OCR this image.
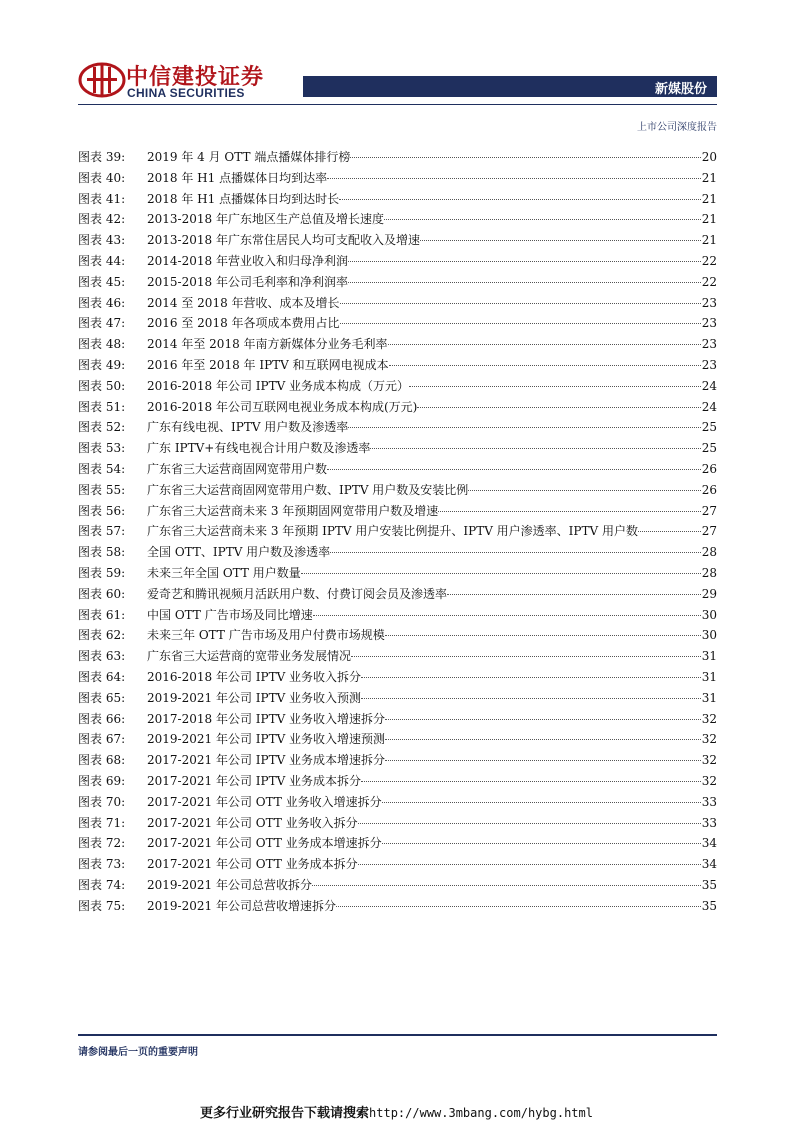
中信建投证券
CHINA SECURITIES	新媒股份
上市公司深度报告
图表 39:	2019 年 4 月 OTT 端点播媒体排行榜	20
图表 40:	2018 年 H1 点播媒体日均到达率	21
图表 41:	2018 年 H1 点播媒体日均到达时长	21
图表 42:	2013-2018 年广东地区生产总值及增长速度	21
图表 43:	2013-2018 年广东常住居民人均可支配收入及增速	21
图表 44:	2014-2018 年营业收入和归母净利润	22
图表 45:	2015-2018 年公司毛利率和净利润率	22
图表 46:	2014 至 2018 年营收、成本及增长	23
图表 47:	2016 至 2018 年各项成本费用占比	23
图表 48:	2014 年至 2018 年南方新媒体分业务毛利率	23
图表 49:	2016 年至 2018 年 IPTV 和互联网电视成本	23
图表 50:	2016-2018 年公司 IPTV 业务成本构成（万元）	24
图表 51:	2016-2018 年公司互联网电视业务成本构成(万元)	24
图表 52:	广东有线电视、IPTV 用户数及渗透率	25
图表 53:	广东 IPTV+有线电视合计用户数及渗透率	25
图表 54:	广东省三大运营商固网宽带用户数	26
图表 55:	广东省三大运营商固网宽带用户数、IPTV 用户数及安装比例	26
图表 56:	广东省三大运营商未来 3 年预期固网宽带用户数及增速	27
图表 57:	广东省三大运营商未来 3 年预期 IPTV 用户安装比例提升、IPTV 用户渗透率、IPTV 用户数	27
图表 58:	全国 OTT、IPTV 用户数及渗透率	28
图表 59:	未来三年全国 OTT 用户数量	28
图表 60:	爱奇艺和腾讯视频月活跃用户数、付费订阅会员及渗透率	29
图表 61:	中国 OTT 广告市场及同比增速	30
图表 62:	未来三年 OTT 广告市场及用户付费市场规模	30
图表 63:	广东省三大运营商的宽带业务发展情况	31
图表 64:	2016-2018 年公司 IPTV 业务收入拆分	31
图表 65:	2019-2021 年公司 IPTV 业务收入预测	31
图表 66:	2017-2018 年公司 IPTV 业务收入增速拆分	32
图表 67:	2019-2021 年公司 IPTV 业务收入增速预测	32
图表 68:	2017-2021 年公司 IPTV 业务成本增速拆分	32
图表 69:	2017-2021 年公司 IPTV 业务成本拆分	32
图表 70:	2017-2021 年公司 OTT 业务收入增速拆分	33
图表 71:	2017-2021 年公司 OTT 业务收入拆分	33
图表 72:	2017-2021 年公司 OTT 业务成本增速拆分	34
图表 73:	2017-2021 年公司 OTT 业务成本拆分	34
图表 74:	2019-2021 年公司总营收拆分	35
图表 75:	2019-2021 年公司总营收增速拆分	35
请参阅最后一页的重要声明
更多行业研究报告下载请搜索http://www.3mbang.com/hybg.html
